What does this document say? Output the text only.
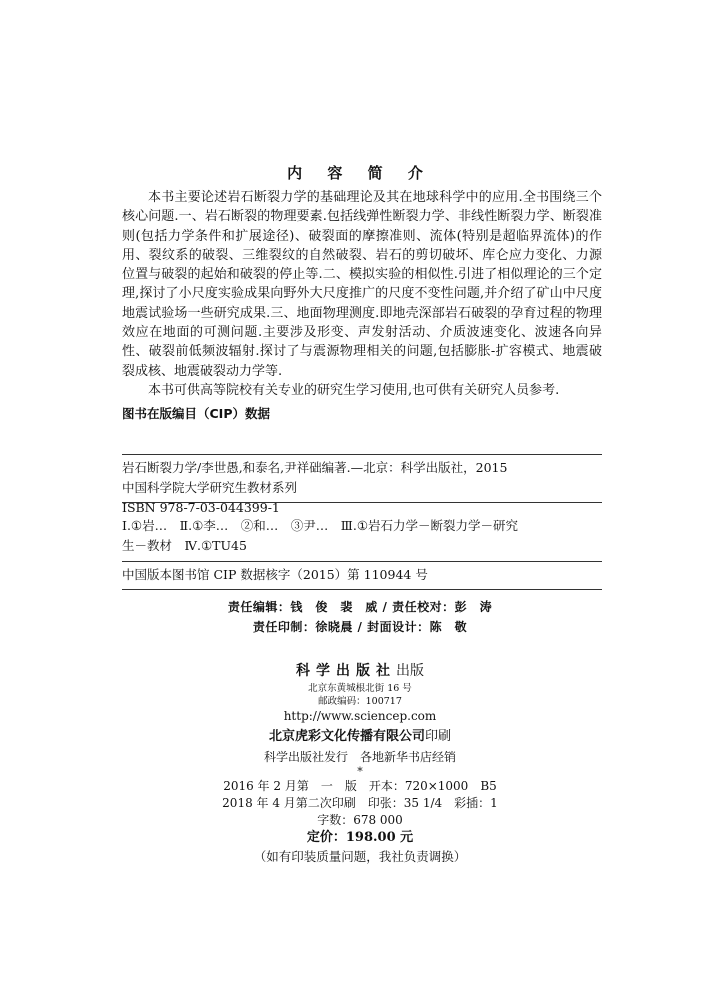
内 容 简 介

本书主要论述岩石断裂力学的基础理论及其在地球科学中的应用.全书围绕三个核心问题.一、岩石断裂的物理要素.包括线弹性断裂力学、非线性断裂力学、断裂准则(包括力学条件和扩展途径)、破裂面的摩擦准则、流体(特别是超临界流体)的作用、裂纹系的破裂、三维裂纹的自然破裂、岩石的剪切破坏、库仑应力变化、力源位置与破裂的起始和破裂的停止等.二、模拟实验的相似性.引进了相似理论的三个定理,探讨了小尺度实验成果向野外大尺度推广的尺度不变性问题,并介绍了矿山中尺度地震试验场一些研究成果.三、地面物理测度.即地壳深部岩石破裂的孕育过程的物理效应在地面的可测问题.主要涉及形变、声发射活动、介质波速变化、波速各向异性、破裂前低频波辐射.探讨了与震源物理相关的问题,包括膨胀-扩容模式、地震破裂成核、地震破裂动力学等.

本书可供高等院校有关专业的研究生学习使用,也可供有关研究人员参考.

图书在版编目（CIP）数据
岩石断裂力学/李世愚,和泰名,尹祥础编著.—北京：科学出版社，2015
中国科学院大学研究生教材系列
ISBN 978-7-03-044399-1
Ⅰ.①岩…　Ⅱ.①李…　②和…　③尹…　Ⅲ.①岩石力学－断裂力学－研究
生－教材　Ⅳ.①TU45
中国版本图书馆 CIP 数据核字（2015）第 110944 号
责任编辑：钱　俊　裴　威 / 责任校对：彭　涛
责任印制：徐晓晨 / 封面设计：陈　敬
科学出版社出版
北京东黄城根北街 16 号
邮政编码：100717
http://www.sciencep.com
北京虎彩文化传播有限公司印刷
科学出版社发行　各地新华书店经销
*
2016 年 2 月第　一　版　开本：720×1000　B5
2018 年 4 月第二次印刷　印张：35 1/4　彩插：1
字数：678 000
定价：198.00 元
（如有印装质量问题，我社负责调换）
